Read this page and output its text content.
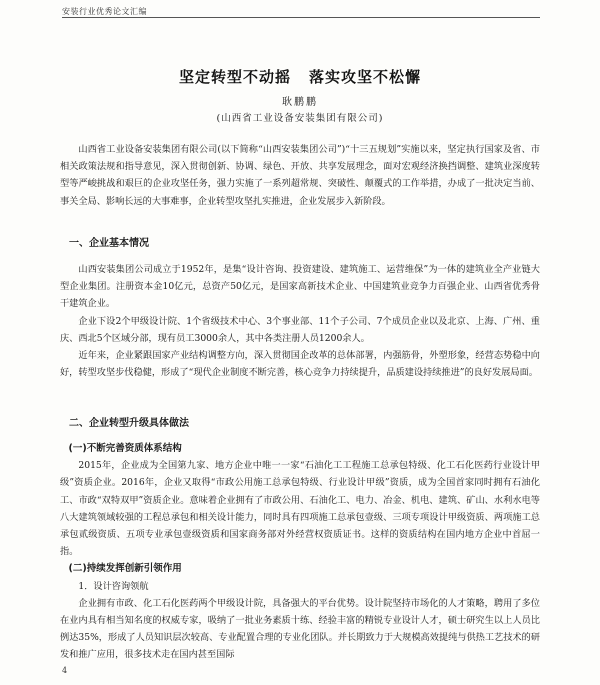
安装行业优秀论文汇编
坚定转型不动摇 落实攻坚不松懈
耿鹏鹏
(山西省工业设备安装集团有限公司)

山西省工业设备安装集团有限公司(以下简称“山西安装集团公司”)“十三五规划”实施以来，坚定执行国家及省、市相关政策法规和指导意见，深入贯彻创新、协调、绿色、开放、共享发展理念，面对宏观经济换挡调整、建筑业深度转型等严峻挑战和艰巨的企业攻坚任务，强力实施了一系列超常规、突破性、颠覆式的工作举措，办成了一批决定当前、事关全局、影响长远的大事难事，企业转型攻坚扎实推进，企业发展步入新阶段。

一、企业基本情况

山西安装集团公司成立于1952年，是集“设计咨询、投资建设、建筑施工、运营维保”为一体的建筑业全产业链大型企业集团。注册资本金10亿元，总资产50亿元，是国家高新技术企业、中国建筑业竞争力百强企业、山西省优秀骨干建筑企业。

企业下设2个甲级设计院、1个省级技术中心、3个事业部、11个子公司、7个成员企业以及北京、上海、广州、重庆、西北5个区域分部，现有员工3000余人，其中各类注册人员1200余人。

近年来，企业紧跟国家产业结构调整方向，深入贯彻国企改革的总体部署，内强筋骨，外塑形象，经营态势稳中向好，转型攻坚步伐稳健，形成了“现代企业制度不断完善，核心竞争力持续提升，品质建设持续推进”的良好发展局面。

二、企业转型升级具体做法

(一)不断完善资质体系结构

2015年，企业成为全国第九家、地方企业中唯一一家“石油化工工程施工总承包特级、化工石化医药行业设计甲级”资质企业。2016年，企业又取得“市政公用施工总承包特级、行业设计甲级”资质，成为全国首家同时拥有石油化工、市政“双特双甲”资质企业。意味着企业拥有了市政公用、石油化工、电力、冶金、机电、建筑、矿山、水利水电等八大建筑领域较强的工程总承包和相关设计能力，同时具有四项施工总承包壹级、三项专项设计甲级资质、两项施工总承包贰级资质、五项专业承包壹级资质和国家商务部对外经营权资质证书。这样的资质结构在国内地方企业中首屈一指。

(二)持续发挥创新引领作用

1．设计咨询领航

企业拥有市政、化工石化医药两个甲级设计院，具备强大的平台优势。设计院坚持市场化的人才策略，聘用了多位在业内具有相当知名度的权威专家，吸纳了一批业务素质十练、经验丰富的精锐专业设计人才，硕士研究生以上人员比例达35%，形成了人员知识层次较高、专业配置合理的专业化团队。并长期致力于大规模高效提纯与供热工艺技术的研发和推广应用，很多技术走在国内甚至国际

4
